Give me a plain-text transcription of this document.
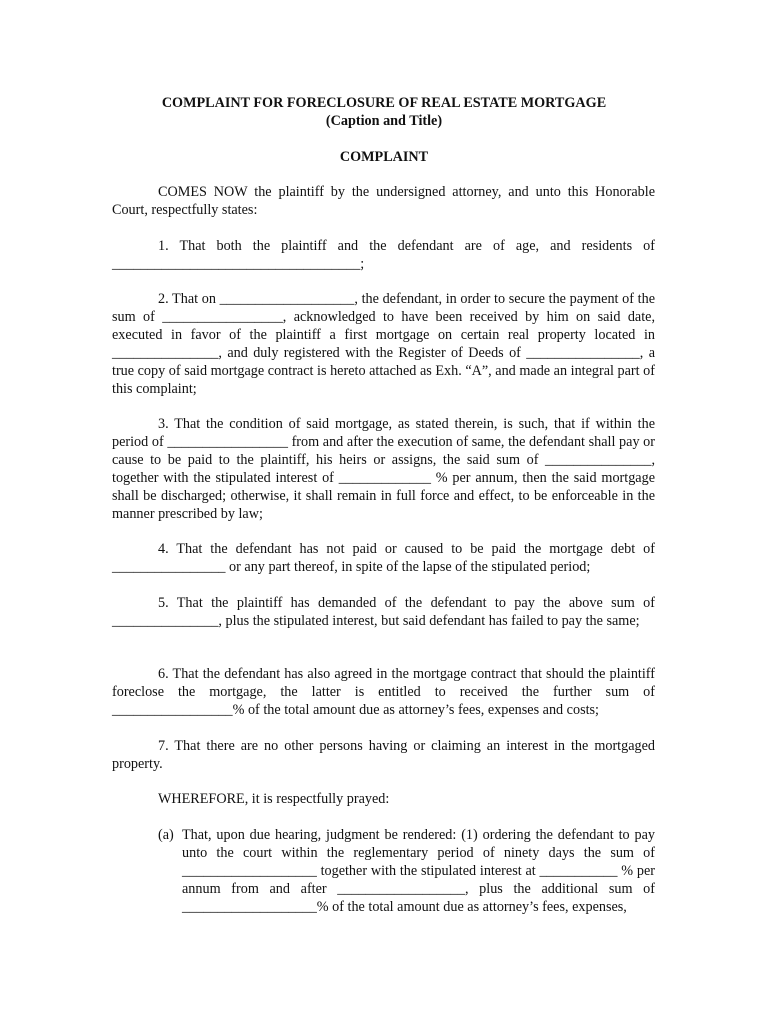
COMPLAINT FOR FORECLOSURE OF REAL ESTATE MORTGAGE
(Caption and Title)
COMPLAINT
COMES NOW the plaintiff by the undersigned attorney, and unto this Honorable Court, respectfully states:
1. That both the plaintiff and the defendant are of age, and residents of ___________________________________;
2. That on ___________________, the defendant, in order to secure the payment of the sum of _________________, acknowledged to have been received by him on said date, executed in favor of the plaintiff a first mortgage on certain real property located in _______________, and duly registered with the Register of Deeds of ________________, a true copy of said mortgage contract is hereto attached as Exh. “A”, and made an integral part of this complaint;
3. That the condition of said mortgage, as stated therein, is such, that if within the period of _________________ from and after the execution of same, the defendant shall pay or cause to be paid to the plaintiff, his heirs or assigns, the said sum of _______________, together with the stipulated interest of _____________ % per annum, then the said mortgage shall be discharged; otherwise, it shall remain in full force and effect, to be enforceable in the manner prescribed by law;
4. That the defendant has not paid or caused to be paid the mortgage debt of ________________ or any part thereof, in spite of the lapse of the stipulated period;
5. That the plaintiff has demanded of the defendant to pay the above sum of _______________, plus the stipulated interest, but said defendant has failed to pay the same;
6. That the defendant has also agreed in the mortgage contract that should the plaintiff foreclose the mortgage, the latter is entitled to received the further sum of _________________% of the total amount due as attorney’s fees, expenses and costs;
7. That there are no other persons having or claiming an interest in the mortgaged property.
WHEREFORE, it is respectfully prayed:
(a) That, upon due hearing, judgment be rendered: (1) ordering the defendant to pay unto the court within the reglementary period of ninety days the sum of ___________________ together with the stipulated interest at ___________ % per annum from and after __________________, plus the additional sum of ___________________% of the total amount due as attorney’s fees, expenses,
